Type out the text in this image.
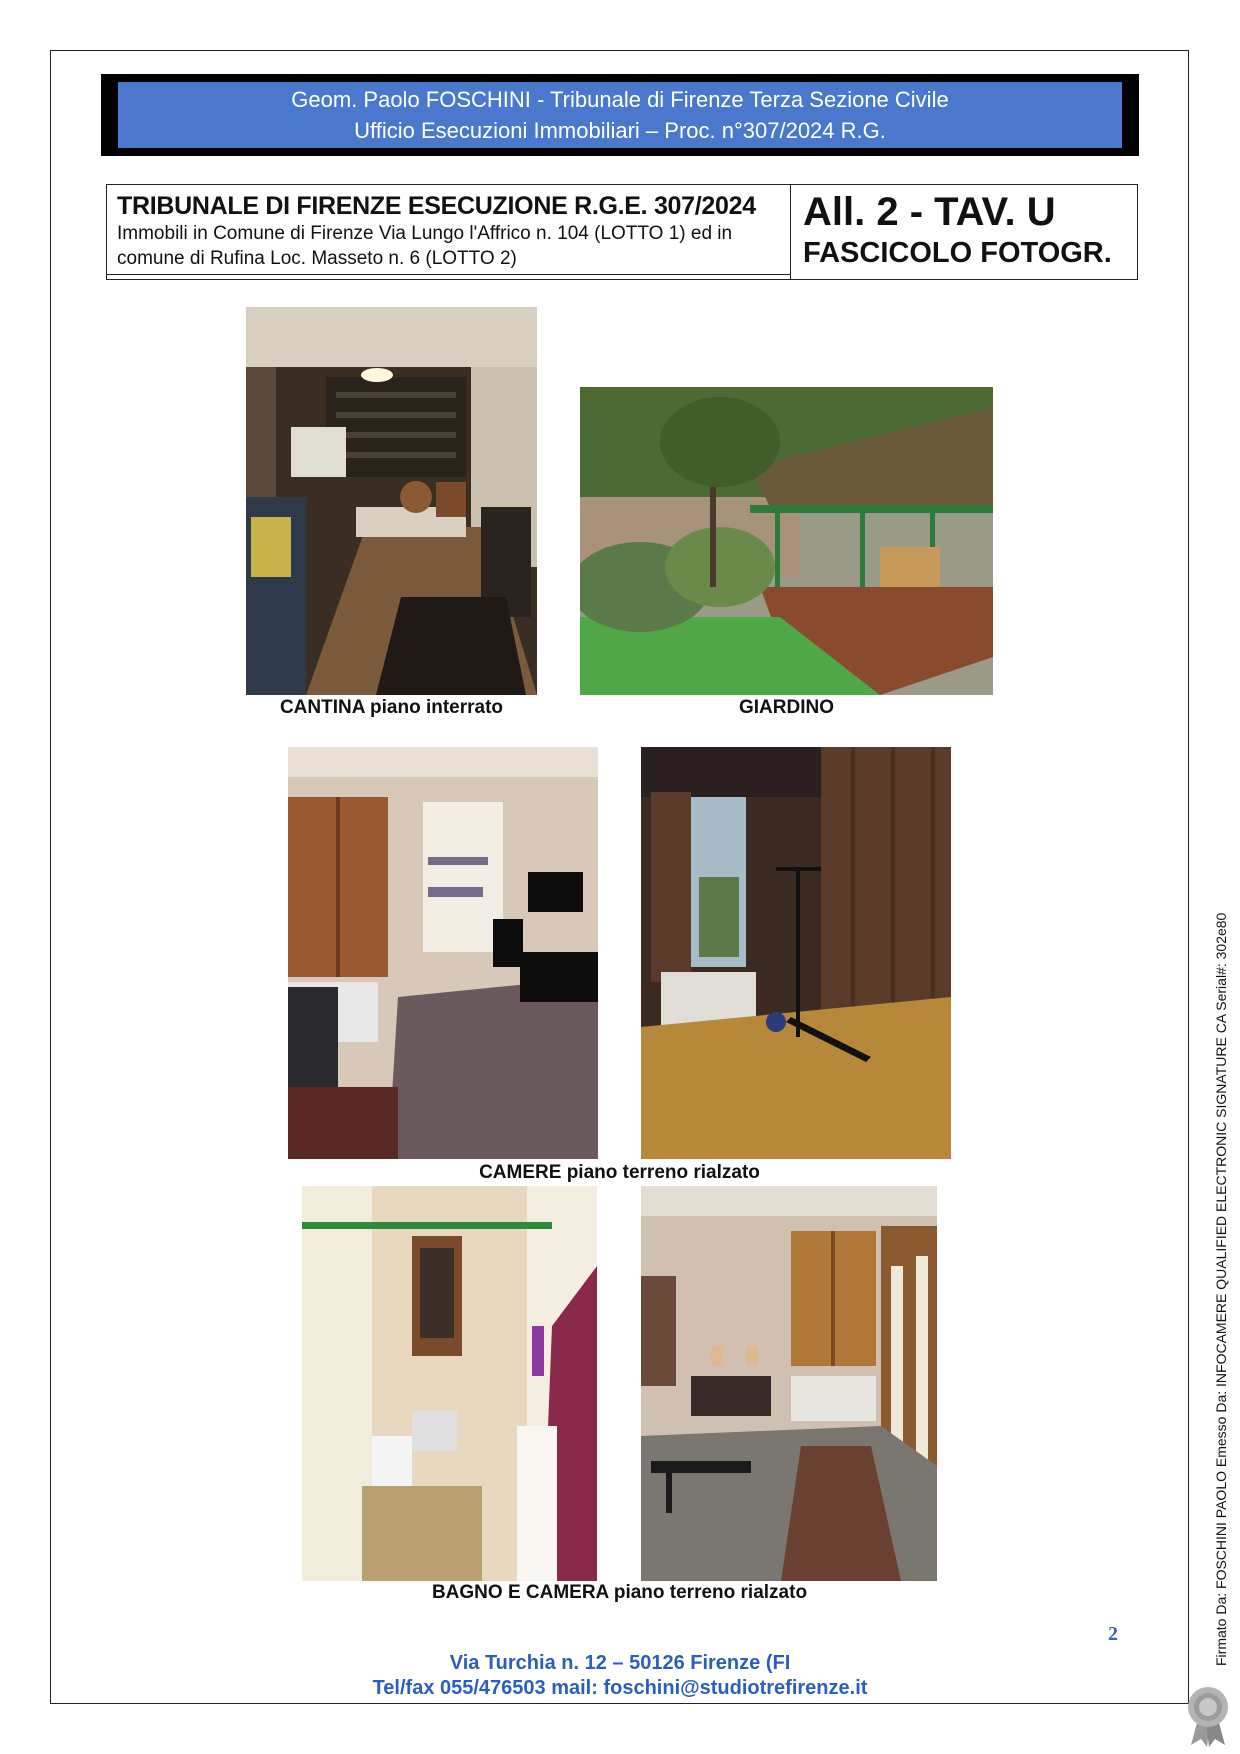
Geom. Paolo FOSCHINI - Tribunale di Firenze Terza Sezione Civile
Ufficio Esecuzioni Immobiliari – Proc. n°307/2024 R.G.
TRIBUNALE DI FIRENZE ESECUZIONE R.G.E. 307/2024
Immobili in Comune di Firenze Via Lungo l'Affrico n. 104 (LOTTO 1) ed in
comune di Rufina Loc. Masseto n. 6 (LOTTO 2)
All. 2 - TAV. U
FASCICOLO FOTOGR.
CANTINA piano interrato	GIARDINO
CAMERE piano terreno rialzato
BAGNO E CAMERA piano terreno rialzato
2
Via Turchia n. 12 – 50126 Firenze (FI
Tel/fax 055/476503 mail: foschini@studiotrefirenze.it
Firmato Da: FOSCHINI PAOLO Emesso Da: INFOCAMERE QUALIFIED ELECTRONIC SIGNATURE CA Serial#: 302e80
